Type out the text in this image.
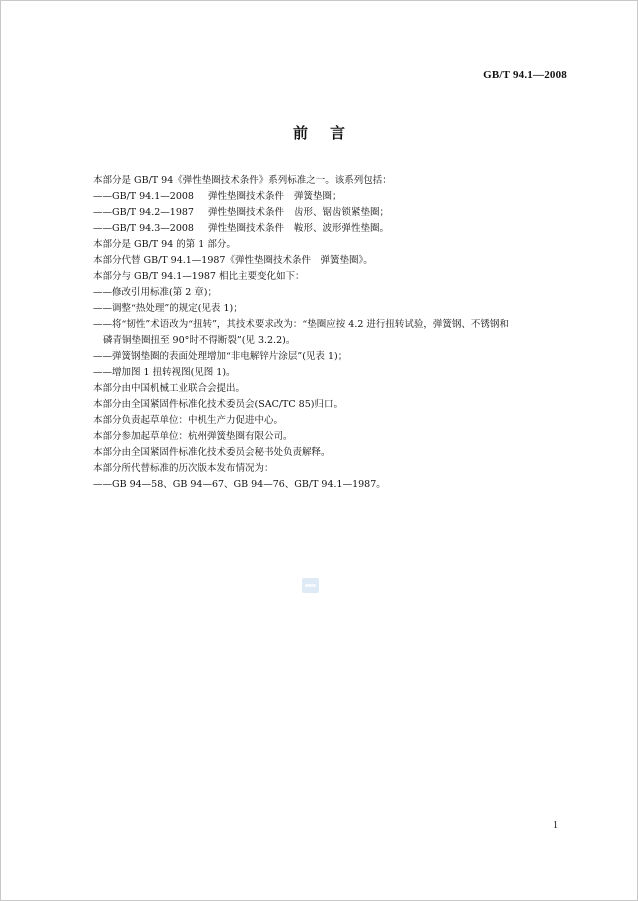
GB/T 94.1—2008
前言
本部分是 GB/T 94《弹性垫圈技术条件》系列标准之一。该系列包括：
——GB/T 94.1—2008 弹性垫圈技术条件 弹簧垫圈；
——GB/T 94.2—1987 弹性垫圈技术条件 齿形、锯齿锁紧垫圈；
——GB/T 94.3—2008 弹性垫圈技术条件 鞍形、波形弹性垫圈。
本部分是 GB/T 94 的第 1 部分。
本部分代替 GB/T 94.1—1987《弹性垫圈技术条件　弹簧垫圈》。
本部分与 GB/T 94.1—1987 相比主要变化如下：
——修改引用标准(第 2 章)；
——调整“热处理”的规定(见表 1)；
——将“韧性”术语改为“扭转”，其技术要求改为：“垫圈应按 4.2 进行扭转试验，弹簧钢、不锈钢和
磷青铜垫圈扭至 90°时不得断裂”(见 3.2.2)。
——弹簧钢垫圈的表面处理增加“非电解锌片涂层”(见表 1)；
——增加图 1 扭转视图(见图 1)。
本部分由中国机械工业联合会提出。
本部分由全国紧固件标准化技术委员会(SAC/TC 85)归口。
本部分负责起草单位：中机生产力促进中心。
本部分参加起草单位：杭州弹簧垫圈有限公司。
本部分由全国紧固件标准化技术委员会秘书处负责解释。
本部分所代替标准的历次版本发布情况为：
——GB 94—58、GB 94—67、GB 94—76、GB/T 94.1—1987。
1
